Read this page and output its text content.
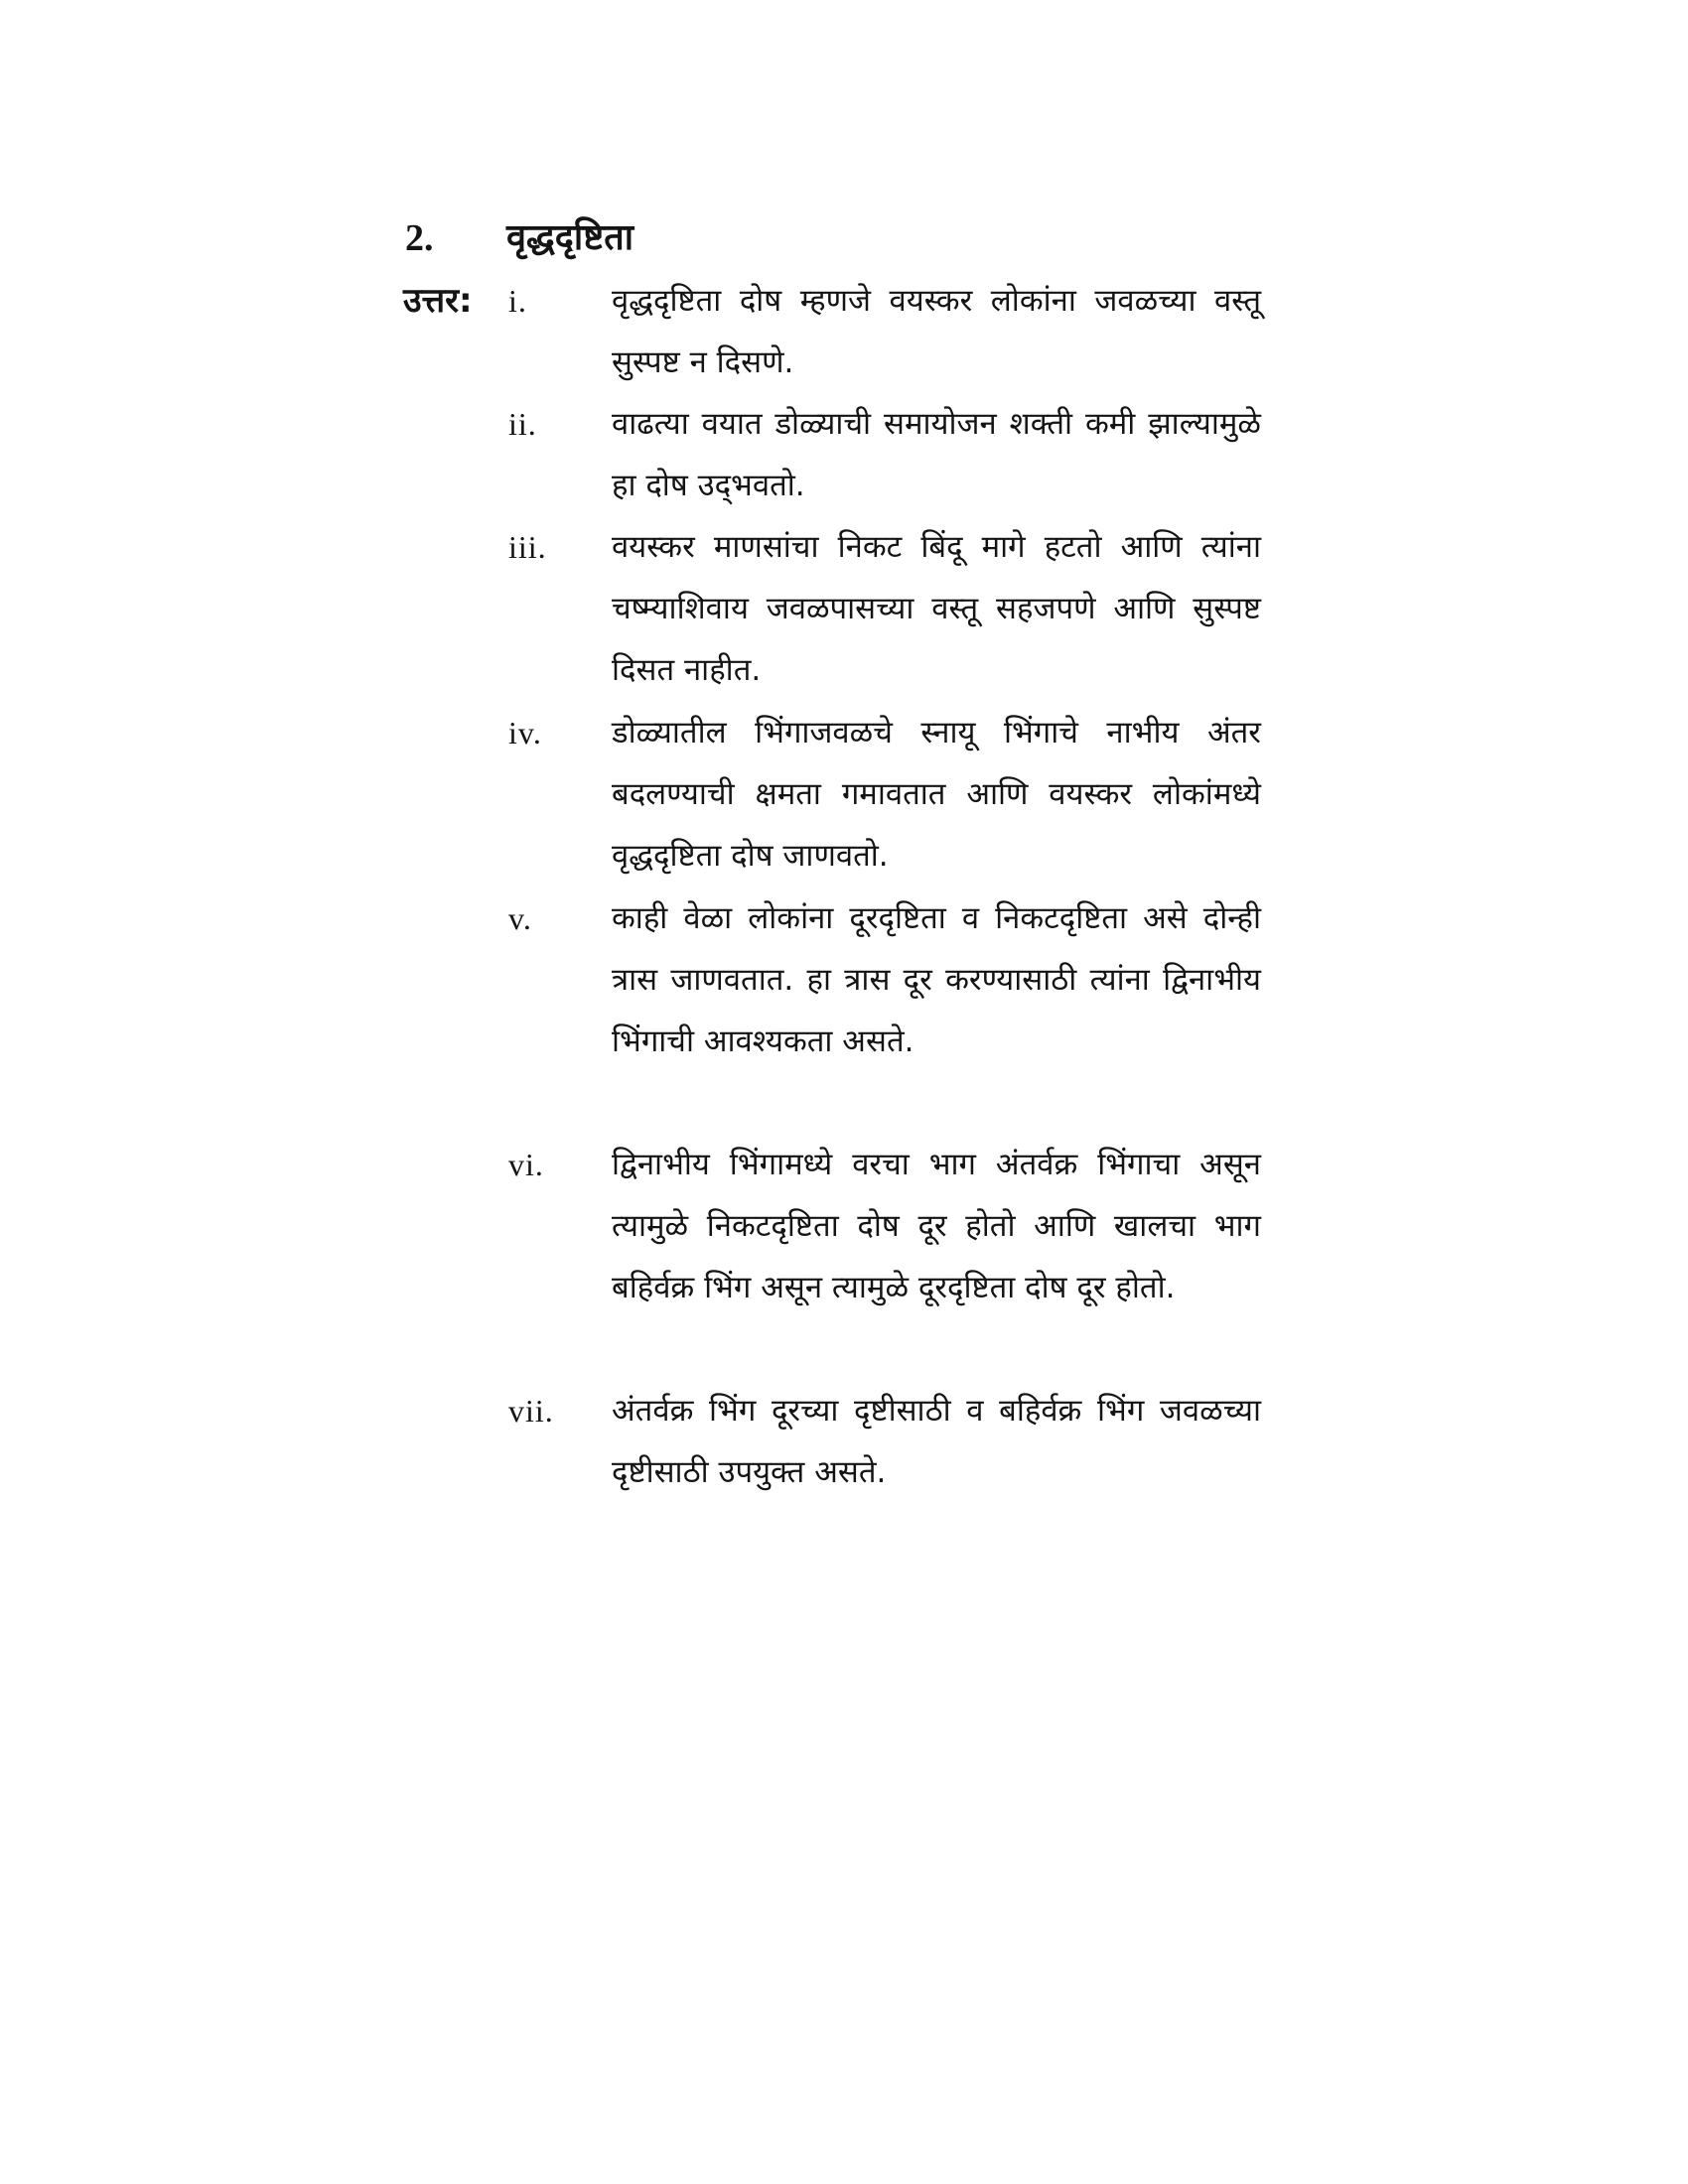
2. वृद्धदृष्टिता
उत्तर: i.	वृद्धदृष्टिता दोष म्हणजे वयस्कर लोकांना जवळच्या वस्तू सुस्पष्ट न दिसणे.
ii. वाढत्या वयात डोळ्याची समायोजन शक्ती कमी झाल्यामुळे हा दोष उद्‌भवतो.
iii. वयस्कर माणसांचा निकट बिंदू मागे हटतो आणि त्यांना चष्म्याशिवाय जवळपासच्या वस्तू सहजपणे आणि सुस्पष्ट दिसत नाहीत.
iv. डोळ्यातील भिंगाजवळचे स्नायू भिंगाचे नाभीय अंतर बदलण्याची क्षमता गमावतात आणि वयस्कर लोकांमध्ये वृद्धदृष्टिता दोष जाणवतो.
v.	काही वेळा लोकांना दूरदृष्टिता व निकटदृष्टिता असे दोन्ही त्रास जाणवतात. हा त्रास दूर करण्यासाठी त्यांना द्विनाभीय भिंगाची आवश्यकता असते.
vi. द्विनाभीय भिंगामध्ये वरचा भाग अंतर्वक्र भिंगाचा असून त्यामुळे निकटदृष्टिता दोष दूर होतो आणि खालचा भाग बहिर्वक्र भिंग असून त्यामुळे दूरदृष्टिता दोष दूर होतो.
vii. अंतर्वक्र भिंग दूरच्या दृष्टीसाठी व बहिर्वक्र भिंग जवळच्या दृष्टीसाठी उपयुक्त असते.
